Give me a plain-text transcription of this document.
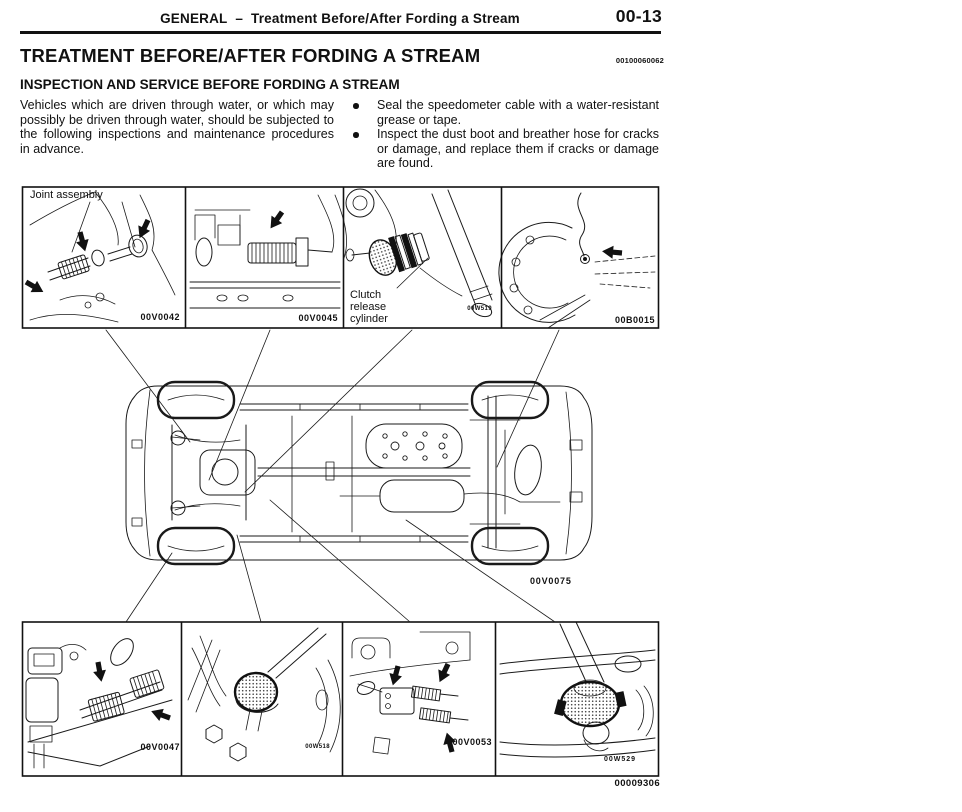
GENERAL – Treatment Before/After Fording a Stream	00-13
TREATMENT BEFORE/AFTER FORDING A STREAM	00100060062
INSPECTION AND SERVICE BEFORE FORDING A STREAM
Vehicles which are driven through water, or which may possibly be driven through water, should be subjected to the following inspections and maintenance procedures in advance.
Seal the speedometer cable with a water-resistant grease or tape.
Inspect the dust boot and breather hose for cracks or damage, and replace them if cracks or damage are found.
Joint assembly
Clutch release cylinder
00V0042	00V0045
00W519
00B0015
00V0075
00V0047	00W518	00V0053
00W529
00009306
